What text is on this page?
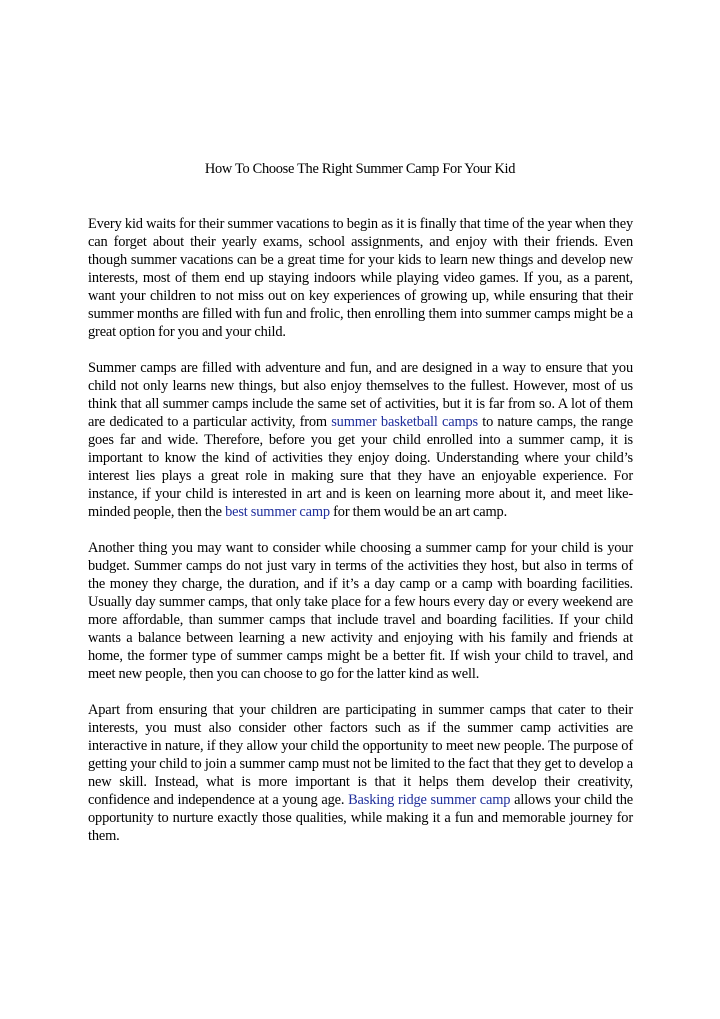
How To Choose The Right Summer Camp For Your Kid

Every kid waits for their summer vacations to begin as it is finally that time of the year when they can forget about their yearly exams, school assignments, and enjoy with their friends. Even though summer vacations can be a great time for your kids to learn new things and develop new interests, most of them end up staying indoors while playing video games. If you, as a parent, want your children to not miss out on key experiences of growing up, while ensuring that their summer months are filled with fun and frolic, then enrolling them into summer camps might be a great option for you and your child.

Summer camps are filled with adventure and fun, and are designed in a way to ensure that you child not only learns new things, but also enjoy themselves to the fullest. However, most of us think that all summer camps include the same set of activities, but it is far from so. A lot of them are dedicated to a particular activity, from summer basketball camps to nature camps, the range goes far and wide. Therefore, before you get your child enrolled into a summer camp, it is important to know the kind of activities they enjoy doing. Understanding where your child’s interest lies plays a great role in making sure that they have an enjoyable experience. For instance, if your child is interested in art and is keen on learning more about it, and meet like-minded people, then the best summer camp for them would be an art camp.

Another thing you may want to consider while choosing a summer camp for your child is your budget. Summer camps do not just vary in terms of the activities they host, but also in terms of the money they charge, the duration, and if it’s a day camp or a camp with boarding facilities. Usually day summer camps, that only take place for a few hours every day or every weekend are more affordable, than summer camps that include travel and boarding facilities. If your child wants a balance between learning a new activity and enjoying with his family and friends at home, the former type of summer camps might be a better fit. If wish your child to travel, and meet new people, then you can choose to go for the latter kind as well.

Apart from ensuring that your children are participating in summer camps that cater to their interests, you must also consider other factors such as if the summer camp activities are interactive in nature, if they allow your child the opportunity to meet new people. The purpose of getting your child to join a summer camp must not be limited to the fact that they get to develop a new skill. Instead, what is more important is that it helps them develop their creativity, confidence and independence at a young age. Basking ridge summer camp allows your child the opportunity to nurture exactly those qualities, while making it a fun and memorable journey for them.
